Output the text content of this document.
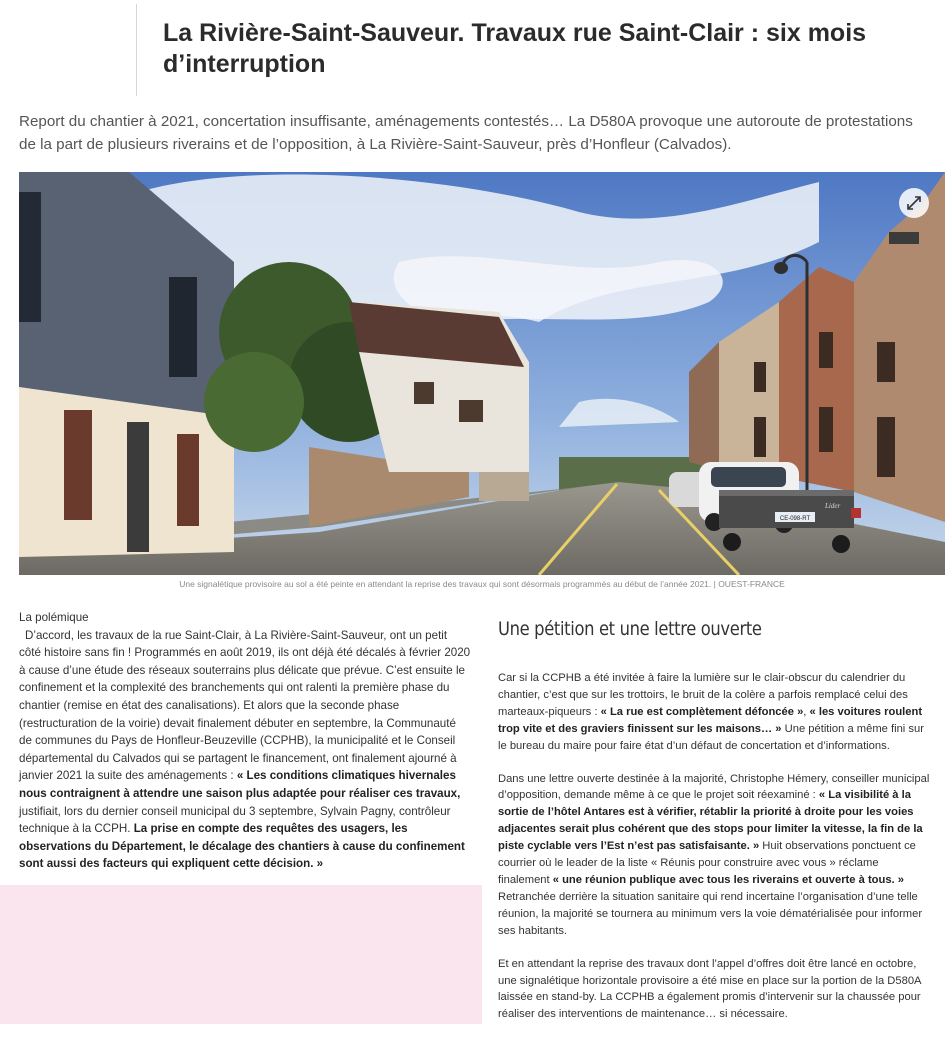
La Rivière-Saint-Sauveur. Travaux rue Saint-Clair : six mois d’interruption

Report du chantier à 2021, concertation insuffisante, aménagements contestés… La D580A provoque une autoroute de protestations de la part de plusieurs riverains et de l’opposition, à La Rivière-Saint-Sauveur, près d’Honfleur (Calvados).

CE-098-RT
Lider

Une signalétique provisoire au sol a été peinte en attendant la reprise des travaux qui sont désormais programmés au début de l’année 2021. | OUEST-FRANCE

La polémique

D’accord, les travaux de la rue Saint-Clair, à La Rivière-Saint-Sauveur, ont un petit côté histoire sans fin ! Programmés en août 2019, ils ont déjà été décalés à février 2020 à cause d’une étude des réseaux souterrains plus délicate que prévue. C’est ensuite le confinement et la complexité des branchements qui ont ralenti la première phase du chantier (remise en état des canalisations). Et alors que la seconde phase (restructuration de la voirie) devait finalement débuter en septembre, la Communauté de communes du Pays de Honfleur-Beuzeville (CCPHB), la municipalité et le Conseil départemental du Calvados qui se partagent le financement, ont finalement ajourné à janvier 2021 la suite des aménagements : « Les conditions climatiques hivernales nous contraignent à attendre une saison plus adaptée pour réaliser ces travaux, justifiait, lors du dernier conseil municipal du 3 septembre, Sylvain Pagny, contrôleur technique à la CCPH. La prise en compte des requêtes des usagers, les observations du Département, le décalage des chantiers à cause du confinement sont aussi des facteurs qui expliquent cette décision. »

Une pétition et une lettre ouverte

Car si la CCPHB a été invitée à faire la lumière sur le clair-obscur du calendrier du chantier, c’est que sur les trottoirs, le bruit de la colère a parfois remplacé celui des marteaux-piqueurs : « La rue est complètement défoncée », « les voitures roulent trop vite et des graviers finissent sur les maisons… » Une pétition a même fini sur le bureau du maire pour faire état d’un défaut de concertation et d’informations.

Dans une lettre ouverte destinée à la majorité, Christophe Hémery, conseiller municipal d’opposition, demande même à ce que le projet soit réexaminé : « La visibilité à la sortie de l’hôtel Antares est à vérifier, rétablir la priorité à droite pour les voies adjacentes serait plus cohérent que des stops pour limiter la vitesse, la fin de la piste cyclable vers l’Est n’est pas satisfaisante. » Huit observations ponctuent ce courrier où le leader de la liste « Réunis pour construire avec vous » réclame finalement « une réunion publique avec tous les riverains et ouverte à tous. » Retranchée derrière la situation sanitaire qui rend incertaine l’organisation d’une telle réunion, la majorité se tournera au minimum vers la voie dématérialisée pour informer ses habitants.

Et en attendant la reprise des travaux dont l’appel d’offres doit être lancé en octobre, une signalétique horizontale provisoire a été mise en place sur la portion de la D580A laissée en stand-by. La CCPHB a également promis d’intervenir sur la chaussée pour réaliser des interventions de maintenance… si nécessaire.
